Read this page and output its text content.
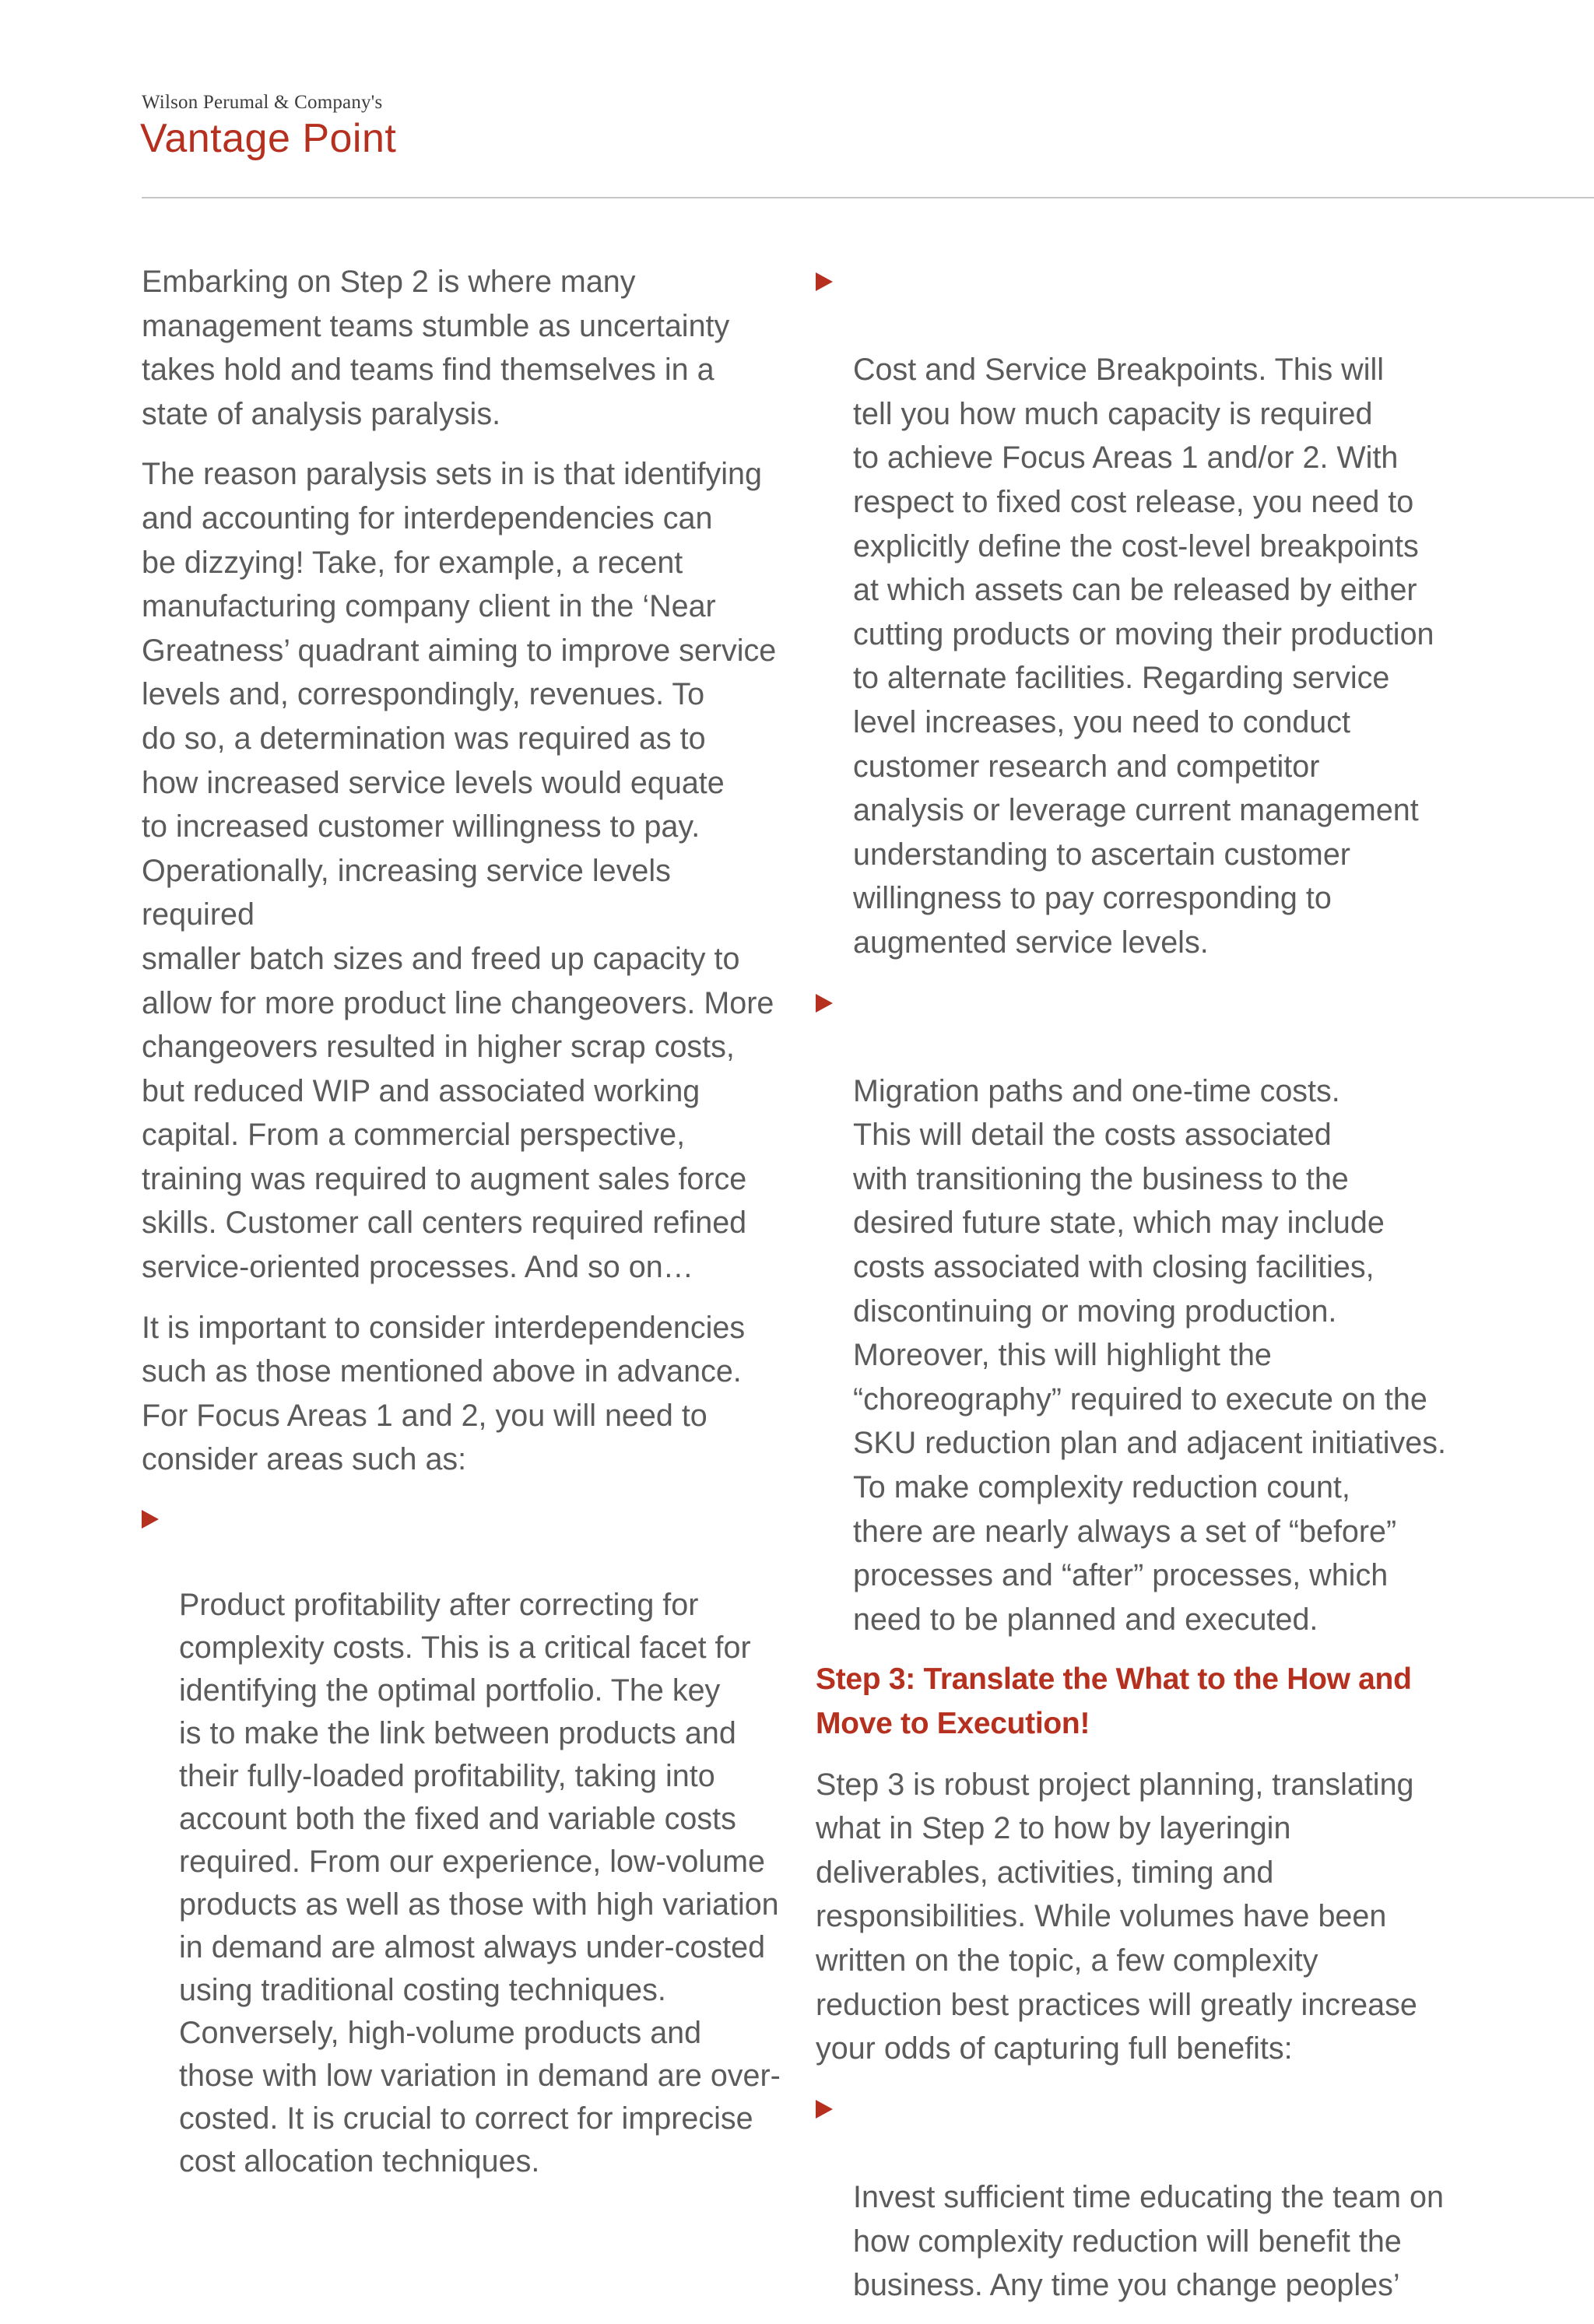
Wilson Perumal & Company's
Vantage Point

Embarking on Step 2 is where many
management teams stumble as uncertainty
takes hold and teams find themselves in a
state of analysis paralysis.

The reason paralysis sets in is that identifying
and accounting for interdependencies can
be dizzying! Take, for example, a recent
manufacturing company client in the ‘Near
Greatness’ quadrant aiming to improve service
levels and, correspondingly, revenues. To
do so, a determination was required as to
how increased service levels would equate
to increased customer willingness to pay.
Operationally, increasing service levels required
smaller batch sizes and freed up capacity to
allow for more product line changeovers. More
changeovers resulted in higher scrap costs,
but reduced WIP and associated working
capital. From a commercial perspective,
training was required to augment sales force
skills. Customer call centers required refined
service-oriented processes. And so on…

It is important to consider interdependencies
such as those mentioned above in advance.
For Focus Areas 1 and 2, you will need to
consider areas such as:

Product profitability after correcting for
complexity costs. This is a critical facet for
identifying the optimal portfolio. The key
is to make the link between products and
their fully-loaded profitability, taking into
account both the fixed and variable costs
required. From our experience, low-volume
products as well as those with high variation
in demand are almost always under-costed
using traditional costing techniques.
Conversely, high-volume products and
those with low variation in demand are over-
costed. It is crucial to correct for imprecise
cost allocation techniques.

Cost and Service Breakpoints. This will
tell you how much capacity is required
to achieve Focus Areas 1 and/or 2. With
respect to fixed cost release, you need to
explicitly define the cost-level breakpoints
at which assets can be released by either
cutting products or moving their production
to alternate facilities. Regarding service
level increases, you need to conduct
customer research and competitor
analysis or leverage current management
understanding to ascertain customer
willingness to pay corresponding to
augmented service levels.

Migration paths and one-time costs.
This will detail the costs associated
with transitioning the business to the
desired future state, which may include
costs associated with closing facilities,
discontinuing or moving production.
Moreover, this will highlight the
“choreography” required to execute on the
SKU reduction plan and adjacent initiatives.
To make complexity reduction count,
there are nearly always a set of “before”
processes and “after” processes, which
need to be planned and executed.

Step 3: Translate the What to the How and
Move to Execution!

Step 3 is robust project planning, translating
what in Step 2 to how by layeringin
deliverables, activities, timing and
responsibilities. While volumes have been
written on the topic, a few complexity
reduction best practices will greatly increase
your odds of capturing full benefits:

Invest sufficient time educating the team on
how complexity reduction will benefit the
business. Any time you change peoples’
